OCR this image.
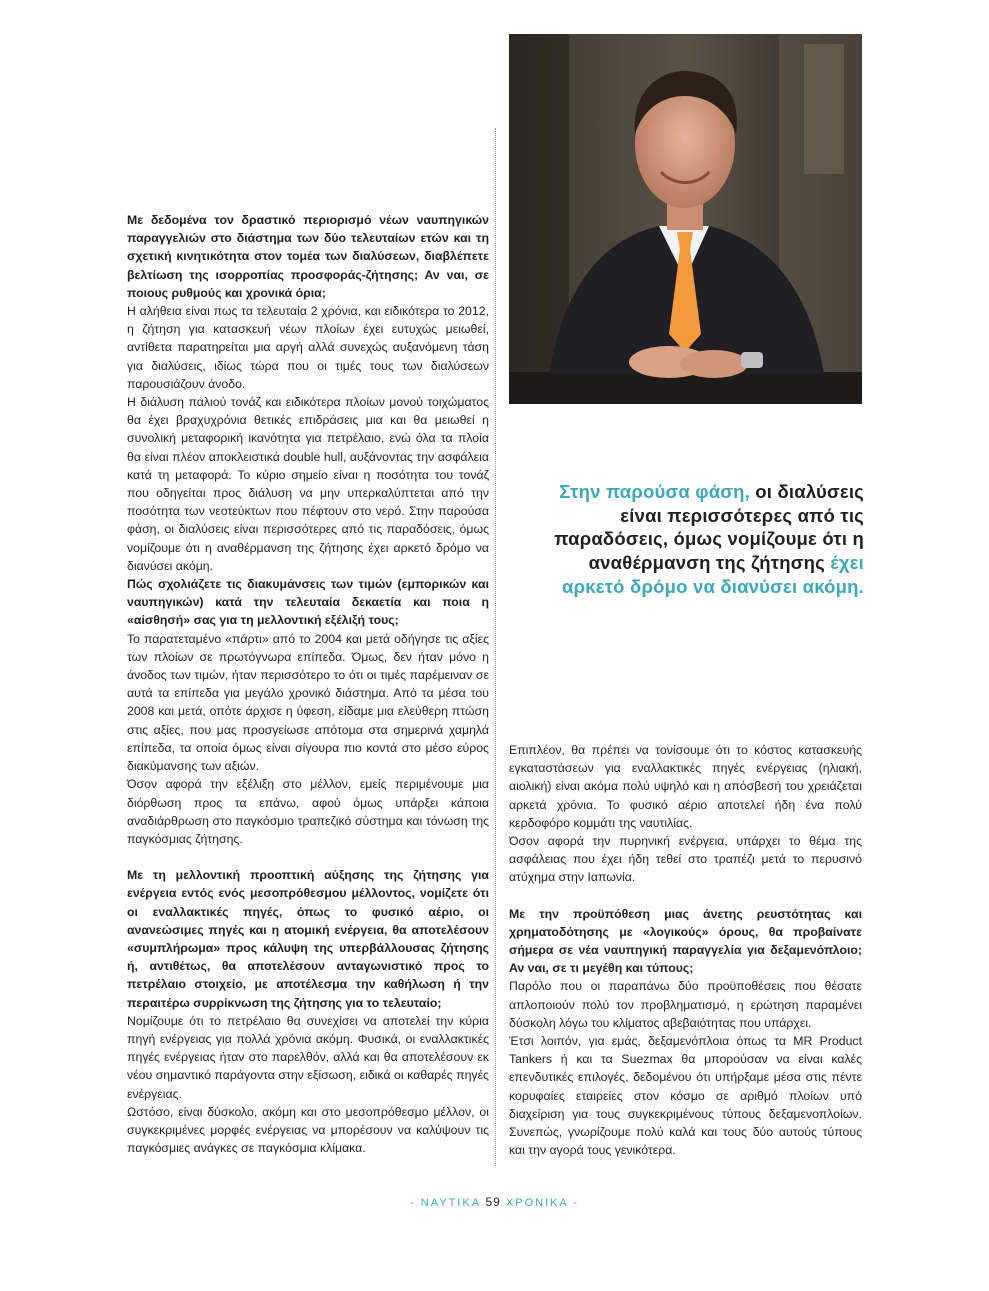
Με δεδομένα τον δραστικό περιορισμό νέων ναυπηγικών παραγγελιών στο διάστημα των δύο τελευταίων ετών και τη σχετική κινητικότητα στον τομέα των διαλύσεων, διαβλέπετε βελτίωση της ισορροπίας προσφοράς-ζήτησης; Αν ναι, σε ποιους ρυθμούς και χρονικά όρια;

Η αλήθεια είναι πως τα τελευταία 2 χρόνια, και ειδικότερα το 2012, η ζήτηση για κατασκευή νέων πλοίων έχει ευτυχώς μειωθεί, αντίθετα παρατηρείται μια αργή αλλά συνεχώς αυξανόμενη τάση για διαλύσεις, ιδίως τώρα που οι τιμές τους των διαλύσεων παρουσιάζουν άνοδο.

Η διάλυση παλιού τονάζ και ειδικότερα πλοίων μονού τοιχώματος θα έχει βραχυχρόνια θετικές επιδράσεις μια και θα μειωθεί η συνολική μεταφορική ικανότητα για πετρέλαιο, ενώ όλα τα πλοία θα είναι πλέον αποκλειστικά double hull, αυξάνοντας την ασφάλεια κατά τη μεταφορά. Το κύριο σημείο είναι η ποσότητα του τονάζ που οδηγείται προς διάλυση να μην υπερκαλύπτεται από την ποσότητα των νεοτεύκτων που πέφτουν στο νερό. Στην παρούσα φάση, οι διαλύσεις είναι περισσότερες από τις παραδόσεις, όμως νομίζουμε ότι η αναθέρμανση της ζήτησης έχει αρκετό δρόμο να διανύσει ακόμη.

Πώς σχολιάζετε τις διακυμάνσεις των τιμών (εμπορικών και ναυπηγικών) κατά την τελευταία δεκαετία και ποια η «αίσθησή» σας για τη μελλοντική εξέλιξή τους;

Το παρατεταμένο «πάρτι» από το 2004 και μετά οδήγησε τις αξίες των πλοίων σε πρωτόγνωρα επίπεδα. Όμως, δεν ήταν μόνο η άνοδος των τιμών, ήταν περισσότερο το ότι οι τιμές παρέμειναν σε αυτά τα επίπεδα για μεγάλο χρονικό διάστημα. Από τα μέσα του 2008 και μετά, οπότε άρχισε η ύφεση, είδαμε μια ελεύθερη πτώση στις αξίες, που μας προσγείωσε απότομα στα σημερινά χαμηλά επίπεδα, τα οποία όμως είναι σίγουρα πιο κοντά στο μέσο εύρος διακύμανσης των αξιών.

Όσον αφορά την εξέλιξη στο μέλλον, εμείς περιμένουμε μια διόρθωση προς τα επάνω, αφού όμως υπάρξει κάποια αναδιάρθρωση στο παγκόσμιο τραπεζικό σύστημα και τόνωση της παγκόσμιας ζήτησης.

Με τη μελλοντική προοπτική αύξησης της ζήτησης για ενέργεια εντός ενός μεσοπρόθεσμου μέλλοντος, νομίζετε ότι οι εναλλακτικές πηγές, όπως το φυσικό αέριο, οι ανανεώσιμες πηγές και η ατομική ενέργεια, θα αποτελέσουν «συμπλήρωμα» προς κάλυψη της υπερβάλλουσας ζήτησης ή, αντιθέτως, θα αποτελέσουν ανταγωνιστικό προς το πετρέλαιο στοιχείο, με αποτέλεσμα την καθήλωση ή την περαιτέρω συρρίκνωση της ζήτησης για το τελευταίο;

Νομίζουμε ότι το πετρέλαιο θα συνεχίσει να αποτελεί την κύρια πηγή ενέργειας για πολλά χρόνια ακόμη. Φυσικά, οι εναλλακτικές πηγές ενέργειας ήταν στο παρελθόν, αλλά και θα αποτελέσουν εκ νέου σημαντικό παράγοντα στην εξίσωση, ειδικά οι καθαρές πηγές ενέργειας.

Ωστόσο, είναι δύσκολο, ακόμη και στο μεσοπρόθεσμο μέλλον, οι συγκεκριμένες μορφές ενέργειας να μπορέσουν να καλύψουν τις παγκόσμιες ανάγκες σε παγκόσμια κλίμακα.

Στην παρούσα φάση, οι διαλύσεις είναι περισσότερες από τις παραδόσεις, όμως νομίζουμε ότι η αναθέρμανση της ζήτησης έχει αρκετό δρόμο να διανύσει ακόμη.

Επιπλέον, θα πρέπει να τονίσουμε ότι το κόστος κατασκευής εγκαταστάσεων για εναλλακτικές πηγές ενέργειας (ηλιακή, αιολική) είναι ακόμα πολύ υψηλό και η απόσβεσή του χρειάζεται αρκετά χρόνια. Το φυσικό αέριο αποτελεί ήδη ένα πολύ κερδοφόρο κομμάτι της ναυτιλίας.

Όσον αφορά την πυρηνική ενέργεια, υπάρχει το θέμα της ασφάλειας που έχει ήδη τεθεί στο τραπέζι μετά το περυσινό ατύχημα στην Ιαπωνία.

Με την προϋπόθεση μιας άνετης ρευστότητας και χρηματοδότησης με «λογικούς» όρους, θα προβαίνατε σήμερα σε νέα ναυπηγική παραγγελία για δεξαμενόπλοιο; Αν ναι, σε τι μεγέθη και τύπους;

Παρόλο που οι παραπάνω δύο προϋποθέσεις που θέσατε απλοποιούν πολύ τον προβληματισμό, η ερώτηση παραμένει δύσκολη λόγω του κλίματος αβεβαιότητας που υπάρχει.

Έτσι λοιπόν, για εμάς, δεξαμενόπλοια όπως τα MR Product Tankers ή και τα Suezmax θα μπορούσαν να είναι καλές επενδυτικές επιλογές, δεδομένου ότι υπήρξαμε μέσα στις πέντε κορυφαίες εταιρείες στον κόσμο σε αριθμό πλοίων υπό διαχείριση για τους συγκεκριμένους τύπους δεξαμενοπλοίων. Συνεπώς, γνωρίζουμε πολύ καλά και τους δύο αυτούς τύπους και την αγορά τους γενικότερα.

- ΝΑΥΤΙΚΑ 59 ΧΡΟΝΙΚΑ -
